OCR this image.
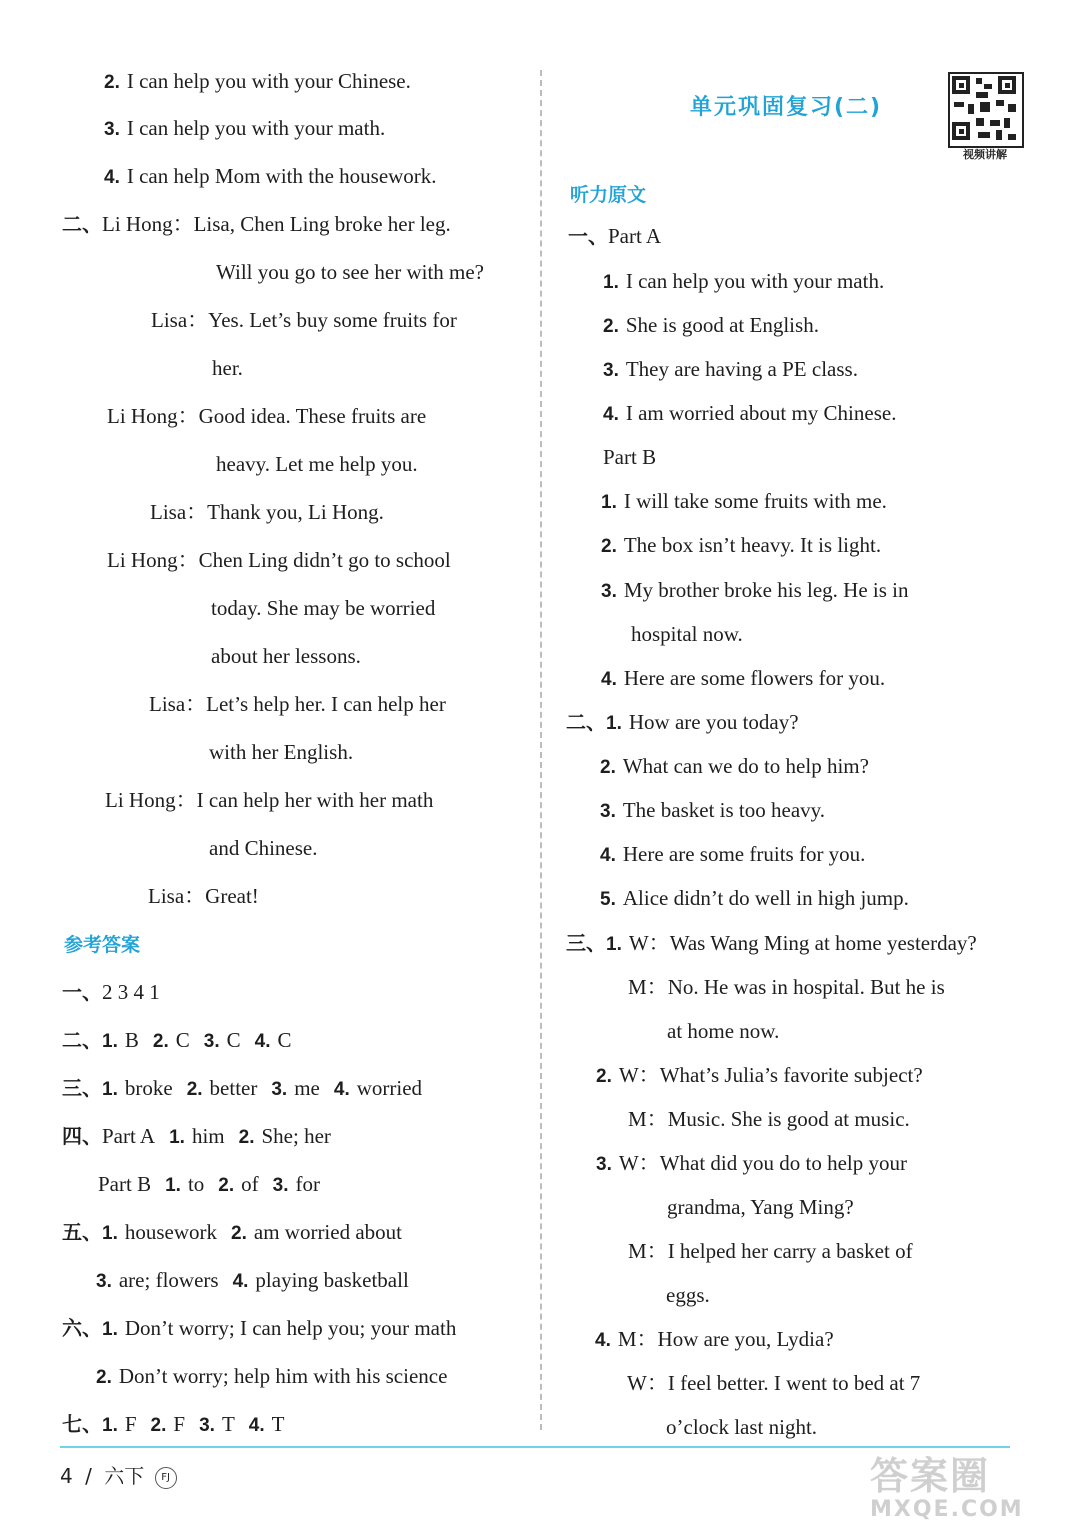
2. I can help you with your Chinese.
3. I can help you with your math.
4. I can help Mom with the housework.
二、Li Hong：Lisa, Chen Ling broke her leg.
Will you go to see her with me?
Lisa：Yes. Let’s buy some fruits for
her.
Li Hong：Good idea. These fruits are
heavy. Let me help you.
Lisa：Thank you, Li Hong.
Li Hong：Chen Ling didn’t go to school
today. She may be worried
about her lessons.
Lisa：Let’s help her. I can help her
with her English.
Li Hong：I can help her with her math
and Chinese.
Lisa：Great!
参考答案
一、2 3 4 1
二、1. B 2. C 3. C 4. C
三、1. broke 2. better 3. me 4. worried
四、Part A 1. him 2. She; her
Part B 1. to 2. of 3. for
五、1. housework 2. am worried about
3. are; flowers 4. playing basketball
六、1. Don’t worry; I can help you; your math
2. Don’t worry; help him with his science
七、1. F 2. F 3. T 4. T
单元巩固复习(二)
视频讲解
听力原文
一、Part A
1. I can help you with your math.
2. She is good at English.
3. They are having a PE class.
4. I am worried about my Chinese.
Part B
1. I will take some fruits with me.
2. The box isn’t heavy. It is light.
3. My brother broke his leg. He is in
hospital now.
4. Here are some flowers for you.
二、1. How are you today?
2. What can we do to help him?
3. The basket is too heavy.
4. Here are some fruits for you.
5. Alice didn’t do well in high jump.
三、1. W：Was Wang Ming at home yesterday?
M：No. He was in hospital. But he is
at home now.
2. W：What’s Julia’s favorite subject?
M：Music. She is good at music.
3. W：What did you do to help your
grandma, Yang Ming?
M：I helped her carry a basket of
eggs.
4. M：How are you, Lydia?
W：I feel better. I went to bed at 7
o’clock last night.
4 / 六下 FJ	答案圈
MXQE.COM
